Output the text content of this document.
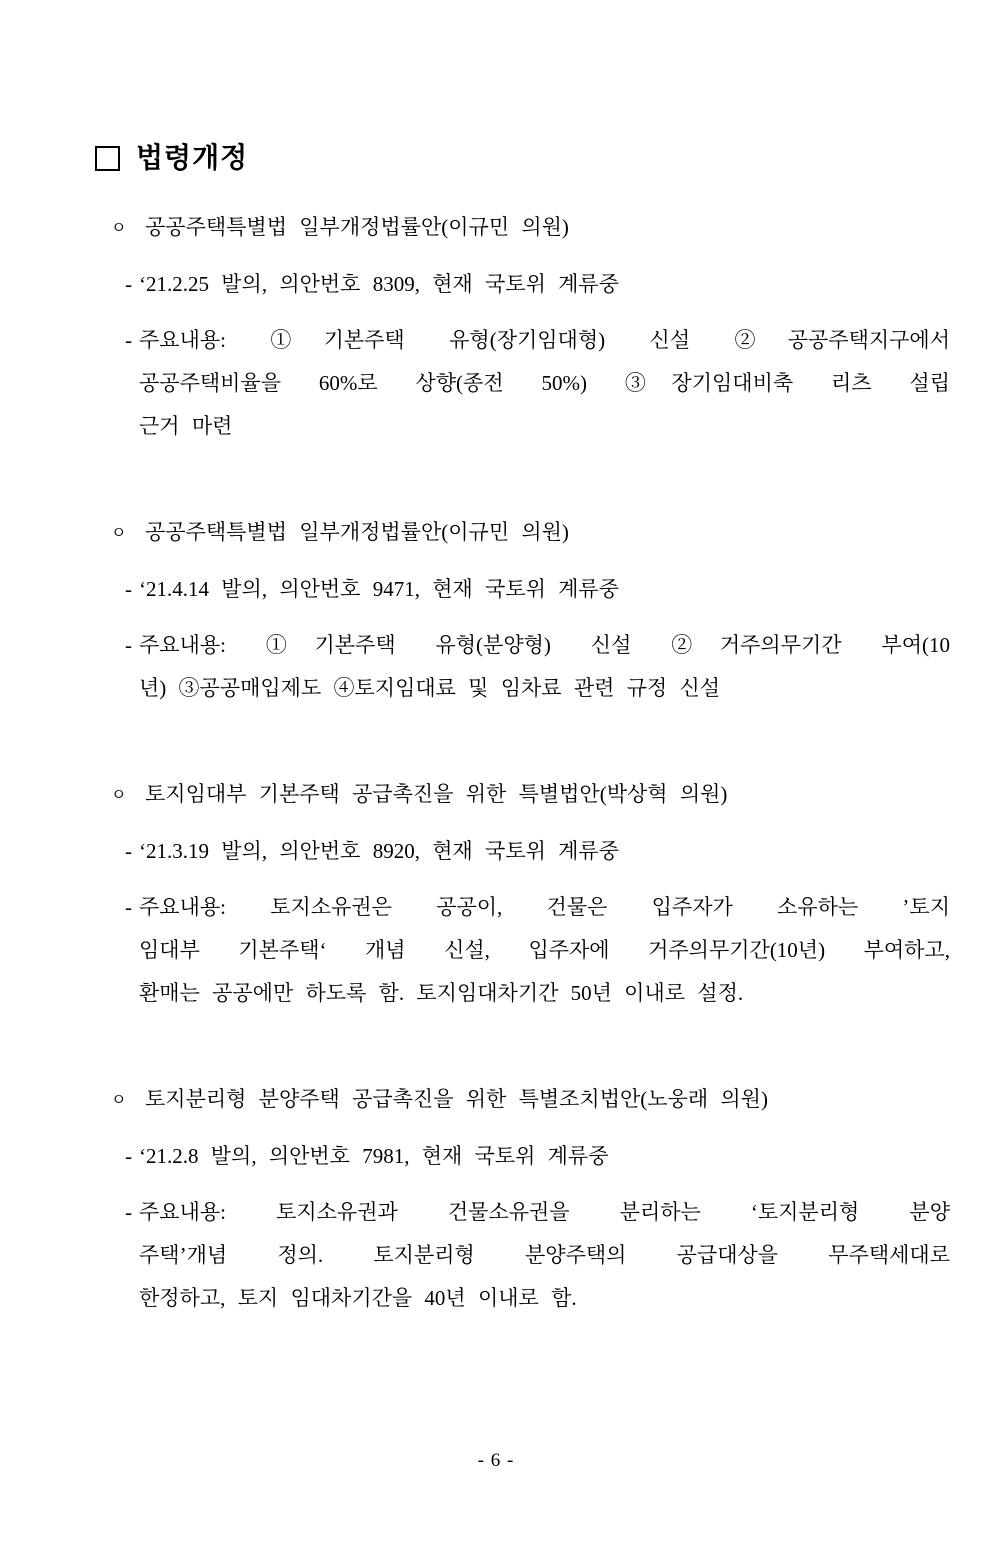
법령개정
ㅇ 공공주택특별법 일부개정법률안(이규민 의원)
- ‘21.2.25 발의, 의안번호 8309, 현재 국토위 계류중
- 주요내용: ①기본주택 유형(장기임대형) 신설 ②공공주택지구에서
공공주택비율을 60%로 상향(종전 50%) ③장기임대비축 리츠 설립
근거 마련
ㅇ 공공주택특별법 일부개정법률안(이규민 의원)
- ‘21.4.14 발의, 의안번호 9471, 현재 국토위 계류중
- 주요내용: ①기본주택 유형(분양형) 신설 ②거주의무기간 부여(10
년) ③공공매입제도 ④토지임대료 및 임차료 관련 규정 신설
ㅇ 토지임대부 기본주택 공급촉진을 위한 특별법안(박상혁 의원)
- ‘21.3.19 발의, 의안번호 8920, 현재 국토위 계류중
- 주요내용: 토지소유권은 공공이, 건물은 입주자가 소유하는 ’토지
임대부 기본주택‘ 개념 신설, 입주자에 거주의무기간(10년) 부여하고,
환매는 공공에만 하도록 함. 토지임대차기간 50년 이내로 설정.
ㅇ 토지분리형 분양주택 공급촉진을 위한 특별조치법안(노웅래 의원)
- ‘21.2.8 발의, 의안번호 7981, 현재 국토위 계류중
- 주요내용: 토지소유권과 건물소유권을 분리하는 ‘토지분리형 분양
주택’개념 정의. 토지분리형 분양주택의 공급대상을 무주택세대로
한정하고, 토지 임대차기간을 40년 이내로 함.
- 6 -
